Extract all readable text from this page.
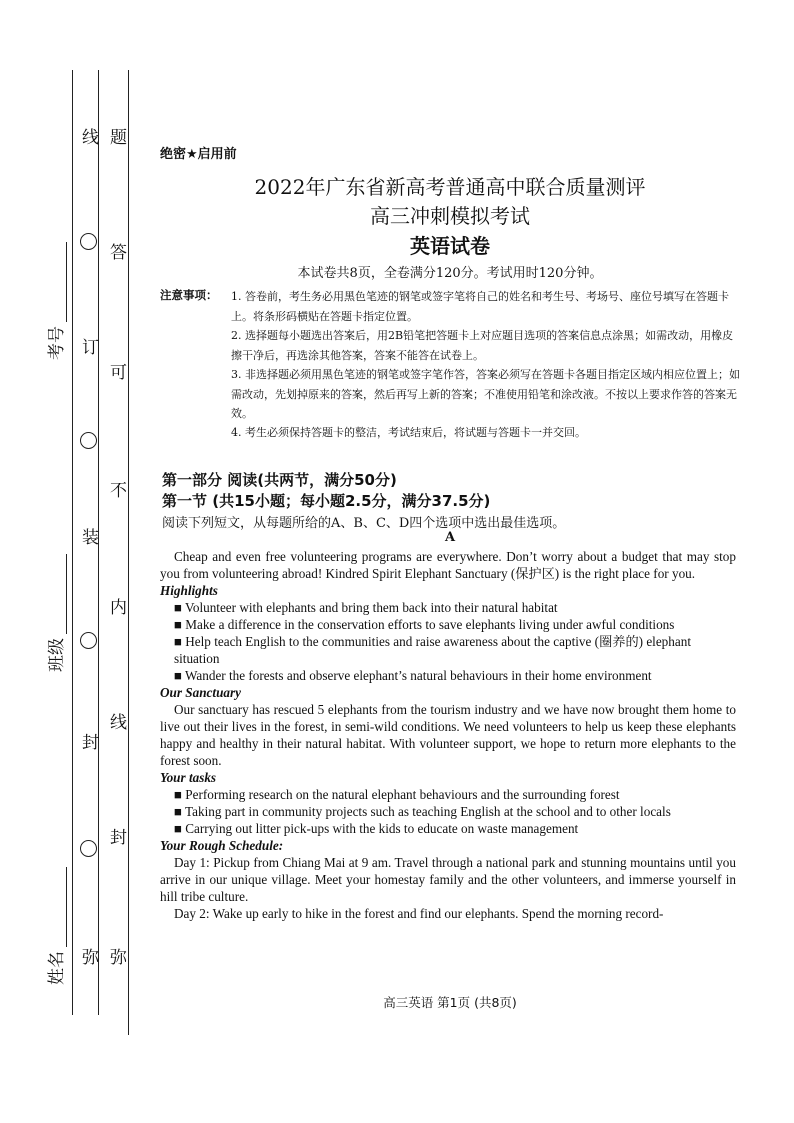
线
订
装
封
弥
题
答
可
不
内
线
封
弥
考号
班级
姓名
绝密★启用前
2022年广东省新高考普通高中联合质量测评
高三冲刺模拟考试
英语试卷
本试卷共8页，全卷满分120分。考试用时120分钟。
注意事项： 1. 答卷前，考生务必用黑色笔迹的钢笔或签字笔将自己的姓名和考生号、考场号、座位号填写在答题卡上。将条形码横贴在答题卡指定位置。
2. 选择题每小题选出答案后，用2B铅笔把答题卡上对应题目选项的答案信息点涂黑；如需改动，用橡皮擦干净后，再选涂其他答案，答案不能答在试卷上。
3. 非选择题必须用黑色笔迹的钢笔或签字笔作答，答案必须写在答题卡各题目指定区域内相应位置上；如需改动，先划掉原来的答案，然后再写上新的答案；不准使用铅笔和涂改液。不按以上要求作答的答案无效。
4. 考生必须保持答题卡的整洁，考试结束后，将试题与答题卡一并交回。
第一部分 阅读(共两节，满分50分)
第一节 (共15小题；每小题2.5分，满分37.5分)
阅读下列短文，从每题所给的A、B、C、D四个选项中选出最佳选项。
A

Cheap and even free volunteering programs are everywhere. Don’t worry about a budget that may stop you from volunteering abroad! Kindred Spirit Elephant Sanctuary (保护区) is the right place for you.

Highlights

■ Volunteer with elephants and bring them back into their natural habitat

■ Make a difference in the conservation efforts to save elephants living under awful conditions

■ Help teach English to the communities and raise awareness about the captive (圈养的) elephant situation

■ Wander the forests and observe elephant’s natural behaviours in their home environment

Our Sanctuary

Our sanctuary has rescued 5 elephants from the tourism industry and we have now brought them home to live out their lives in the forest, in semi-wild conditions. We need volunteers to help us keep these elephants happy and healthy in their natural habitat. With volunteer support, we hope to return more elephants to the forest soon.

Your tasks

■ Performing research on the natural elephant behaviours and the surrounding forest

■ Taking part in community projects such as teaching English at the school and to other locals

■ Carrying out litter pick-ups with the kids to educate on waste management

Your Rough Schedule:

Day 1: Pickup from Chiang Mai at 9 am. Travel through a national park and stunning mountains until you arrive in our unique village. Meet your homestay family and the other volunteers, and immerse yourself in hill tribe culture.

Day 2: Wake up early to hike in the forest and find our elephants. Spend the morning record-

高三英语 第1页 (共8页)
